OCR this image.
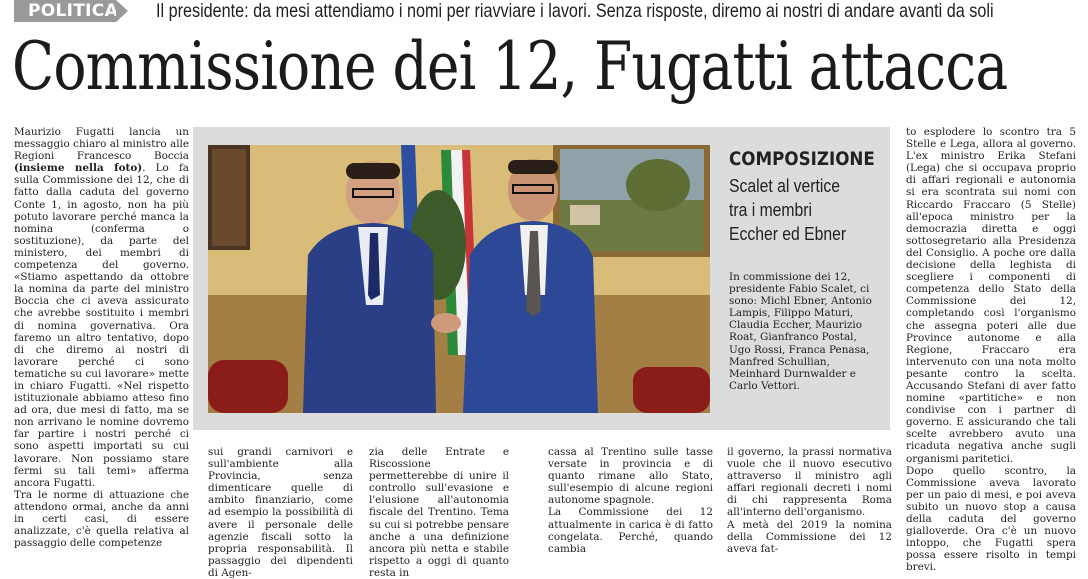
POLITICA Il presidente: da mesi attendiamo i nomi per riavviare i lavori. Senza risposte, diremo ai nostri di andare avanti da soli
Commissione dei 12, Fugatti attacca

Maurizio Fugatti lancia un messaggio chiaro al ministro alle Regioni Francesco Boccia (insieme nella foto). Lo fa sulla Commissione dei 12, che di fatto dalla caduta del governo Conte 1, in agosto, non ha più potuto lavorare perché manca la nomina (conferma o sostituzione), da parte del ministero, dei membri di competenza del governo. «Stiamo aspettando da ottobre la nomina da parte del ministro Boccia che ci aveva assicurato che avrebbe sostituito i membri di nomina governativa. Ora faremo un altro tentativo, dopo di che diremo ai nostri di lavorare perché ci sono tematiche su cui lavorare» mette in chiaro Fugatti. «Nel rispetto istituzionale abbiamo atteso fino ad ora, due mesi di fatto, ma se non arrivano le nomine dovremo far partire i nostri perché ci sono aspetti importati su cui lavorare. Non possiamo stare fermi su tali temi» afferma ancora Fugatti.

Tra le norme di attuazione che attendono ormai, anche da anni in certi casi, di essere analizzate, c'è quella relativa al passaggio delle competenze

COMPOSIZIONE
Scalet al vertice
tra i membri
Eccher ed Ebner
In commissione dei 12, presidente Fabio Scalet, ci sono: Michl Ebner, Antonio Lampis, Filippo Maturi, Claudia Eccher, Maurizio Roat, Gianfranco Postal, Ugo Rossi, Franca Penasa, Manfred Schullian, Meinhard Durnwalder e Carlo Vettori.
sui grandi carnivori e sull'ambiente alla Provincia, senza dimenticare quelle di ambito finanziario, come ad esempio la possibilità di avere il personale delle agenzie fiscali sotto la propria responsabilità. Il passaggio dei dipendenti di Agen-
zia delle Entrate e Riscossione permetterebbe di unire il controllo sull'evasione e l'elusione all'autonomia fiscale del Trentino. Tema su cui si potrebbe pensare anche a una definizione ancora più netta e stabile rispetto a oggi di quanto resta in
cassa al Trentino sulle tasse versate in provincia e di quanto rimane allo Stato, sull'esempio di alcune regioni autonome spagnole.
La Commissione dei 12 attualmente in carica è di fatto congelata. Perché, quando cambia
il governo, la prassi normativa vuole che il nuovo esecutivo attraverso il ministro agli affari regionali decreti i nomi di chi rappresenta Roma all'interno dell'organismo.
A metà del 2019 la nomina della Commissione dei 12 aveva fat-
to esplodere lo scontro tra 5 Stelle e Lega, allora al governo. L'ex ministro Erika Stefani (Lega) che si occupava proprio di affari regionali e autonomia si era scontrata sui nomi con Riccardo Fraccaro (5 Stelle) all'epoca ministro per la democrazia diretta e oggi sottosegretario alla Presidenza del Consiglio. A poche ore dalla decisione della leghista di scegliere i componenti di competenza dello Stato della Commissione dei 12, completando così l'organismo che assegna poteri alle due Province autonome e alla Regione, Fraccaro era intervenuto con una nota molto pesante contro la scelta. Accusando Stefani di aver fatto nomine «partitiche» e non condivise con i partner di governo. E assicurando che tali scelte avrebbero avuto una ricaduta negativa anche sugli organismi paritetici.
Dopo quello scontro, la Commissione aveva lavorato per un paio di mesi, e poi aveva subito un nuovo stop a causa della caduta del governo gialloverde. Ora c'è un nuovo intoppo, che Fugatti spera possa essere risolto in tempi brevi.
